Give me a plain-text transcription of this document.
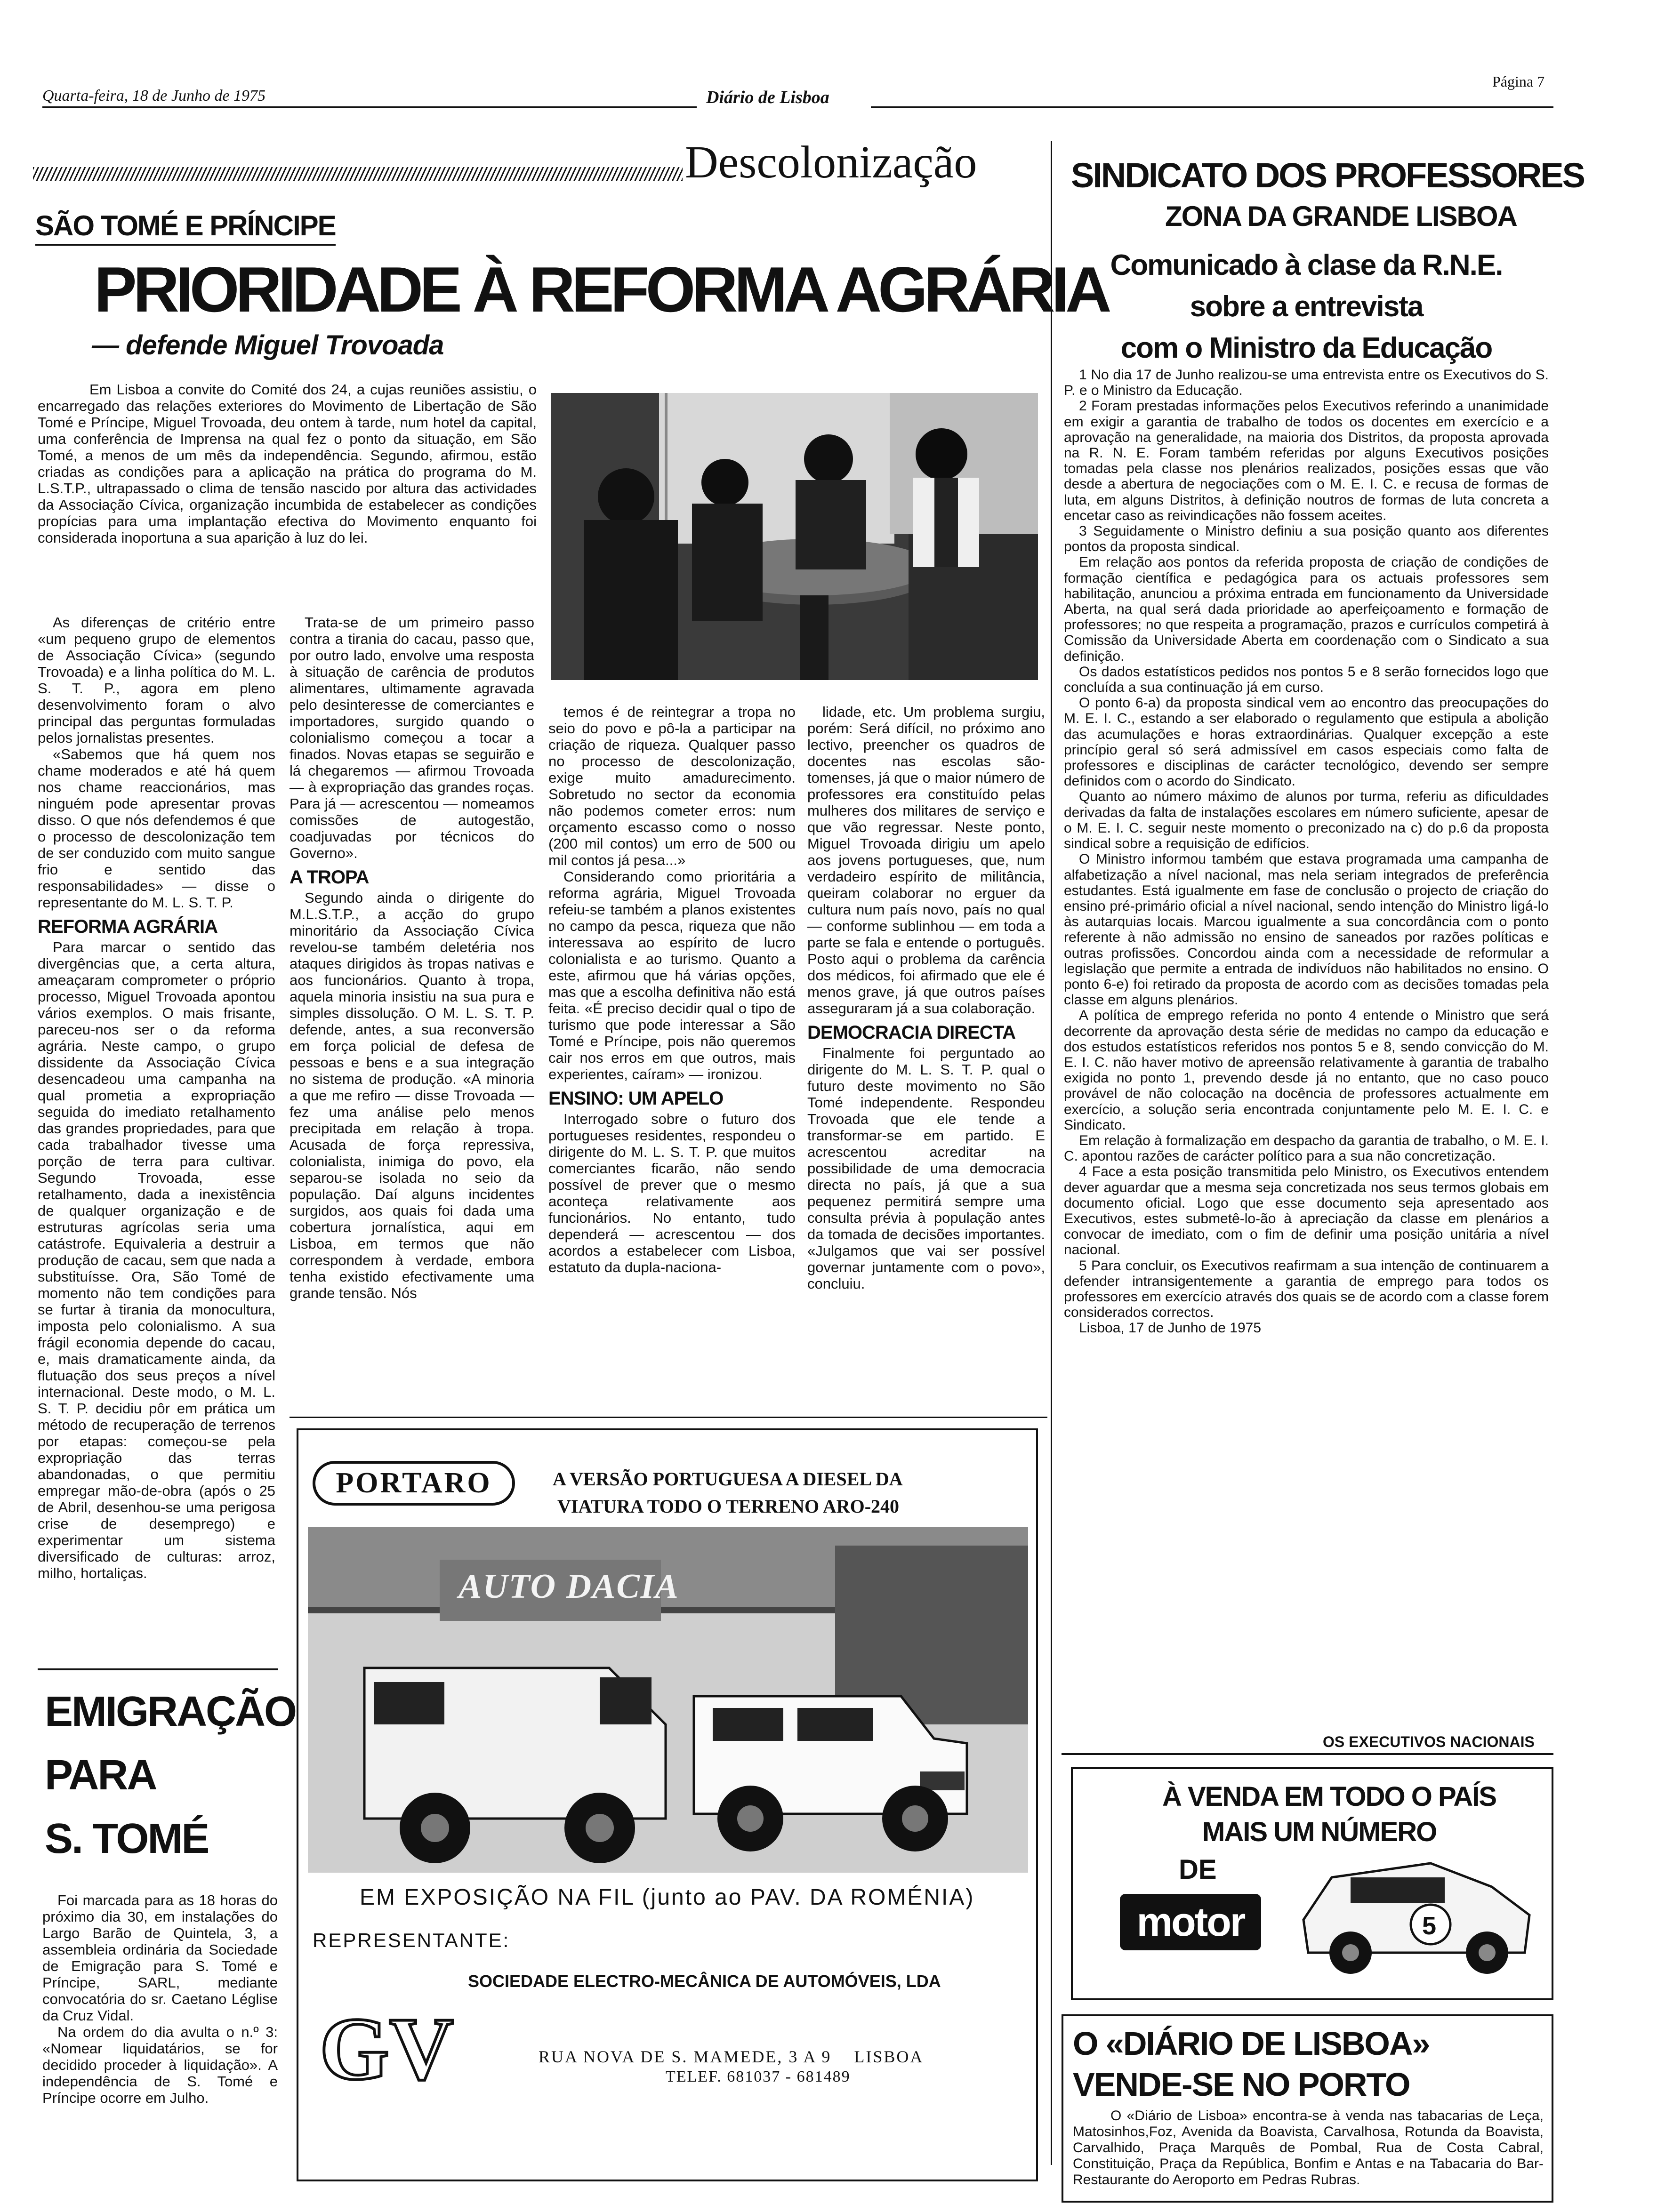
Quarta-feira, 18 de Junho de 1975	Diário de Lisboa
Página 7
Descolonização
SÃO TOMÉ E PRÍNCIPE
PRIORIDADE À REFORMA AGRÁRIA
— defende Miguel Trovoada
Em Lisboa a convite do Comité dos 24, a cujas reuniões assistiu, o encarregado das relações exteriores do Movimento de Libertação de São Tomé e Príncipe, Miguel Trovoada, deu ontem à tarde, num hotel da capital, uma conferência de Imprensa na qual fez o ponto da situação, em São Tomé, a menos de um mês da independência. Segundo, afirmou, estão criadas as condições para a aplicação na prática do programa do M. L.S.T.P., ultrapassado o clima de tensão nascido por altura das actividades da Associação Cívica, organização incumbida de estabelecer as condições propícias para uma implantação efectiva do Movimento enquanto foi considerada inoportuna a sua aparição à luz do lei.

As diferenças de critério entre «um pequeno grupo de elementos de Associação Cívica» (segundo Trovoada) e a linha política do M. L. S. T. P., agora em pleno desenvolvimento foram o alvo principal das perguntas formuladas pelos jornalistas presentes.

«Sabemos que há quem nos chame moderados e até há quem nos chame reaccionários, mas ninguém pode apresentar provas disso. O que nós defendemos é que o processo de descolonização tem de ser conduzido com muito sangue frio e sentido das responsabilidades» — disse o representante do M. L. S. T. P.

REFORMA AGRÁRIA

Para marcar o sentido das divergências que, a certa altura, ameaçaram comprometer o próprio processo, Miguel Trovoada apontou vários exemplos. O mais frisante, pareceu-nos ser o da reforma agrária. Neste campo, o grupo dissidente da Associação Cívica desencadeou uma campanha na qual prometia a expropriação seguida do imediato retalhamento das grandes propriedades, para que cada trabalhador tivesse uma porção de terra para cultivar. Segundo Trovoada, esse retalhamento, dada a inexistência de qualquer organização e de estruturas agrícolas seria uma catástrofe. Equivaleria a destruir a produção de cacau, sem que nada a substituísse. Ora, São Tomé de momento não tem condições para se furtar à tirania da monocultura, imposta pelo colonialismo. A sua frágil economia depende do cacau, e, mais dramaticamente ainda, da flutuação dos seus preços a nível internacional. Deste modo, o M. L. S. T. P. decidiu pôr em prática um método de recuperação de terrenos por etapas: começou-se pela expropriação das terras abandonadas, o que permitiu empregar mão-de-obra (após o 25 de Abril, desenhou-se uma perigosa crise de desemprego) e experimentar um sistema diversificado de culturas: arroz, milho, hortaliças.

Trata-se de um primeiro passo contra a tirania do cacau, passo que, por outro lado, envolve uma resposta à situação de carência de produtos alimentares, ultimamente agravada pelo desinteresse de comerciantes e importadores, surgido quando o colonialismo começou a tocar a finados. Novas etapas se seguirão e lá chegaremos — afirmou Trovoada — à expropriação das grandes roças. Para já — acrescentou — nomeamos comissões de autogestão, coadjuvadas por técnicos do Governo».

A TROPA

Segundo ainda o dirigente do M.L.S.T.P., a acção do grupo minoritário da Associação Cívica revelou-se também deletéria nos ataques dirigidos às tropas nativas e aos funcionários. Quanto à tropa, aquela minoria insistiu na sua pura e simples dissolução. O M. L. S. T. P. defende, antes, a sua reconversão em força policial de defesa de pessoas e bens e a sua integração no sistema de produção. «A minoria a que me refiro — disse Trovoada — fez uma análise pelo menos precipitada em relação à tropa. Acusada de força repressiva, colonialista, inimiga do povo, ela separou-se isolada no seio da população. Daí alguns incidentes surgidos, aos quais foi dada uma cobertura jornalística, aqui em Lisboa, em termos que não correspondem à verdade, embora tenha existido efectivamente uma grande tensão. Nós

temos é de reintegrar a tropa no seio do povo e pô-la a participar na criação de riqueza. Qualquer passo no processo de descolonização, exige muito amadurecimento. Sobretudo no sector da economia não podemos cometer erros: num orçamento escasso como o nosso (200 mil contos) um erro de 500 ou mil contos já pesa...»

Considerando como prioritária a reforma agrária, Miguel Trovoada refeiu-se também a planos existentes no campo da pesca, riqueza que não interessava ao espírito de lucro colonialista e ao turismo. Quanto a este, afirmou que há várias opções, mas que a escolha definitiva não está feita. «É preciso decidir qual o tipo de turismo que pode interessar a São Tomé e Príncipe, pois não queremos cair nos erros em que outros, mais experientes, caíram» — ironizou.

ENSINO: UM APELO

Interrogado sobre o futuro dos portugueses residentes, respondeu o dirigente do M. L. S. T. P. que muitos comerciantes ficarão, não sendo possível de prever que o mesmo aconteça relativamente aos funcionários. No entanto, tudo dependerá — acrescentou — dos acordos a estabelecer com Lisboa, estatuto da dupla-naciona-

lidade, etc. Um problema surgiu, porém: Será difícil, no próximo ano lectivo, preencher os quadros de docentes nas escolas são-tomenses, já que o maior número de professores era constituído pelas mulheres dos militares de serviço e que vão regressar. Neste ponto, Miguel Trovoada dirigiu um apelo aos jovens portugueses, que, num verdadeiro espírito de militância, queiram colaborar no erguer da cultura num país novo, país no qual — conforme sublinhou — em toda a parte se fala e entende o português. Posto aqui o problema da carência dos médicos, foi afirmado que ele é menos grave, já que outros países asseguraram já a sua colaboração.

DEMOCRACIA DIRECTA

Finalmente foi perguntado ao dirigente do M. L. S. T. P. qual o futuro deste movimento no São Tomé independente. Respondeu Trovoada que ele tende a transformar-se em partido. E acrescentou acreditar na possibilidade de uma democracia directa no país, já que a sua pequenez permitirá sempre uma consulta prévia à população antes da tomada de decisões importantes. «Julgamos que vai ser possível governar juntamente com o povo», concluiu.

EMIGRAÇÃO
PARA
S. TOMÉ

Foi marcada para as 18 horas do próximo dia 30, em instalações do Largo Barão de Quintela, 3, a assembleia ordinária da Sociedade de Emigração para S. Tomé e Príncipe, SARL, mediante convocatória do sr. Caetano Léglise da Cruz Vidal.

Na ordem do dia avulta o n.º 3: «Nomear liquidatários, se for decidido proceder à liquidação». A independência de S. Tomé e Príncipe ocorre em Julho.

PORTARO	A VERSÃO PORTUGUESA A DIESEL DA
VIATURA TODO O TERRENO ARO-240
AUTO DACIA
EM EXPOSIÇÃO NA FIL (junto ao PAV. DA ROMÉNIA)
REPRESENTANTE:
SOCIEDADE ELECTRO-MECÂNICA DE AUTOMÓVEIS, LDA
GV	RUA NOVA DE S. MAMEDE, 3 A 9    LISBOA
TELEF. 681037 - 681489
SINDICATO DOS PROFESSORES
ZONA DA GRANDE LISBOA
Comunicado à clase da R.N.E.
sobre a entrevista
com o Ministro da Educação

1 No dia 17 de Junho realizou-se uma entrevista entre os Executivos do S. P. e o Ministro da Educação.

2 Foram prestadas informações pelos Executivos referindo a unanimidade em exigir a garantia de trabalho de todos os docentes em exercício e a aprovação na generalidade, na maioria dos Distritos, da proposta aprovada na R. N. E. Foram também referidas por alguns Executivos posições tomadas pela classe nos plenários realizados, posições essas que vão desde a abertura de negociações com o M. E. I. C. e recusa de formas de luta, em alguns Distritos, à definição noutros de formas de luta concreta a encetar caso as reivindicações não fossem aceites.

3 Seguidamente o Ministro definiu a sua posição quanto aos diferentes pontos da proposta sindical.

Em relação aos pontos da referida proposta de criação de condições de formação científica e pedagógica para os actuais professores sem habilitação, anunciou a próxima entrada em funcionamento da Universidade Aberta, na qual será dada prioridade ao aperfeiçoamento e formação de professores; no que respeita a programação, prazos e currículos competirá à Comissão da Universidade Aberta em coordenação com o Sindicato a sua definição.

Os dados estatísticos pedidos nos pontos 5 e 8 serão fornecidos logo que concluída a sua continuação já em curso.

O ponto 6-a) da proposta sindical vem ao encontro das preocupações do M. E. I. C., estando a ser elaborado o regulamento que estipula a abolição das acumulações e horas extraordinárias. Qualquer excepção a este princípio geral só será admissível em casos especiais como falta de professores e disciplinas de carácter tecnológico, devendo ser sempre definidos com o acordo do Sindicato.

Quanto ao número máximo de alunos por turma, referiu as dificuldades derivadas da falta de instalações escolares em número suficiente, apesar de o M. E. I. C. seguir neste momento o preconizado na c) do p.6 da proposta sindical sobre a requisição de edifícios.

O Ministro informou também que estava programada uma campanha de alfabetização a nível nacional, mas nela seriam integrados de preferência estudantes. Está igualmente em fase de conclusão o projecto de criação do ensino pré-primário oficial a nível nacional, sendo intenção do Ministro ligá-lo às autarquias locais. Marcou igualmente a sua concordância com o ponto referente à não admissão no ensino de saneados por razões políticas e outras profissões. Concordou ainda com a necessidade de reformular a legislação que permite a entrada de indivíduos não habilitados no ensino. O ponto 6-e) foi retirado da proposta de acordo com as decisões tomadas pela classe em alguns plenários.

A política de emprego referida no ponto 4 entende o Ministro que será decorrente da aprovação desta série de medidas no campo da educação e dos estudos estatísticos referidos nos pontos 5 e 8, sendo convicção do M. E. I. C. não haver motivo de apreensão relativamente à garantia de trabalho exigida no ponto 1, prevendo desde já no entanto, que no caso pouco provável de não colocação na docência de professores actualmente em exercício, a solução seria encontrada conjuntamente pelo M. E. I. C. e Sindicato.

Em relação à formalização em despacho da garantia de trabalho, o M. E. I. C. apontou razões de carácter político para a sua não concretização.

4 Face a esta posição transmitida pelo Ministro, os Executivos entendem dever aguardar que a mesma seja concretizada nos seus termos globais em documento oficial. Logo que esse documento seja apresentado aos Executivos, estes submetê-lo-ão à apreciação da classe em plenários a convocar de imediato, com o fim de definir uma posição unitária a nível nacional.

5 Para concluir, os Executivos reafirmam a sua intenção de continuarem a defender intransigentemente a garantia de emprego para todos os professores em exercício através dos quais se de acordo com a classe forem considerados correctos.

Lisboa, 17 de Junho de 1975

OS EXECUTIVOS NACIONAIS
À VENDA EM TODO O PAÍS
MAIS UM NÚMERO
DE
motor	5
O «DIÁRIO DE LISBOA»
VENDE-SE NO PORTO
O «Diário de Lisboa» encontra-se à venda nas tabacarias de Leça, Matosinhos,Foz, Avenida da Boavista, Carvalhosa, Rotunda da Boavista, Carvalhido, Praça Marquês de Pombal, Rua de Costa Cabral, Constituição, Praça da República, Bonfim e Antas e na Tabacaria do Bar-Restaurante do Aeroporto em Pedras Rubras.
